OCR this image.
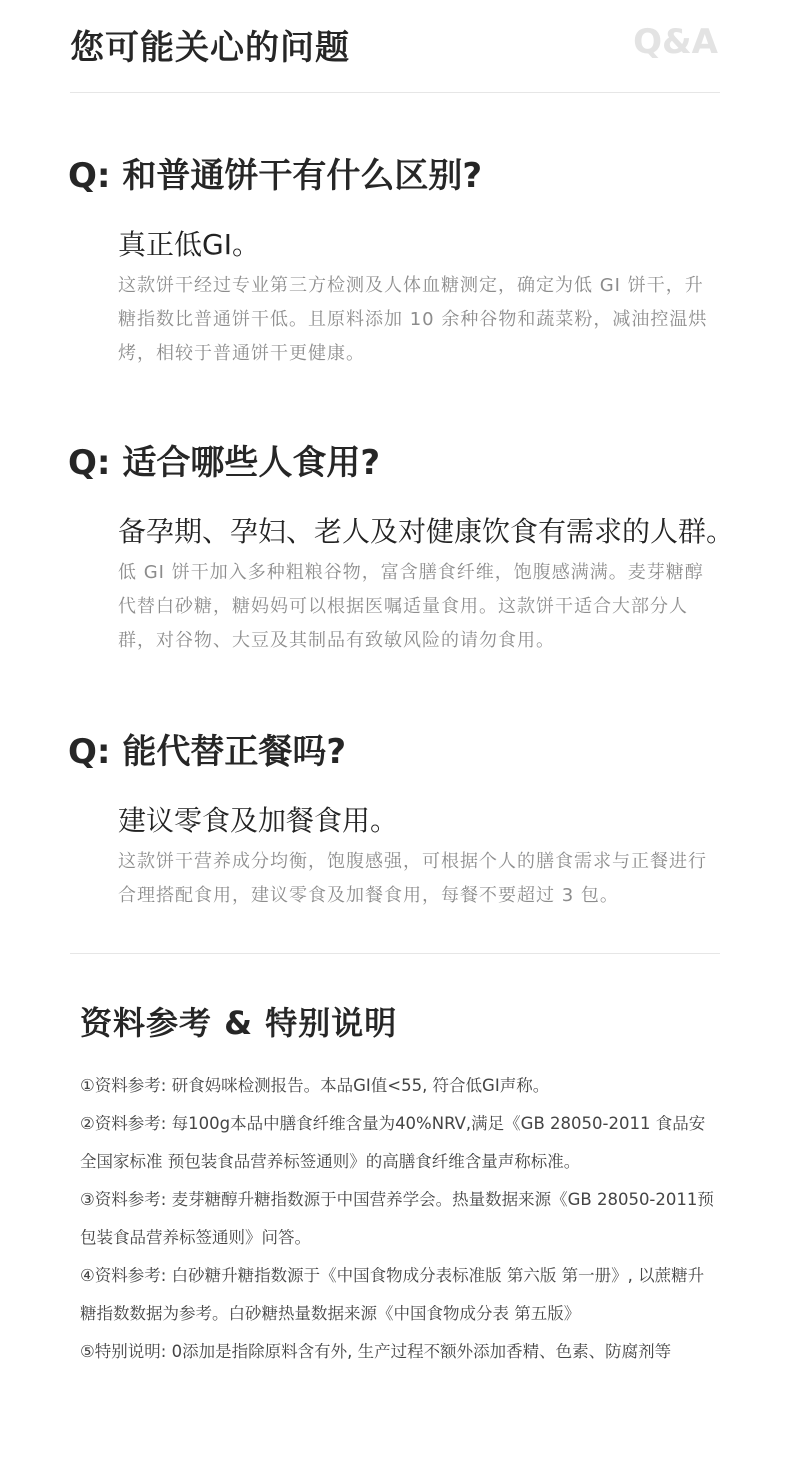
您可能关心的问题	Q&A
Q: 和普通饼干有什么区别?
真正低GI。
这款饼干经过专业第三方检测及人体血糖测定，确定为低 GI 饼干，升糖指数比普通饼干低。且原料添加 10 余种谷物和蔬菜粉，减油控温烘烤，相较于普通饼干更健康。
Q: 适合哪些人食用?
备孕期、孕妇、老人及对健康饮食有需求的人群。
低 GI 饼干加入多种粗粮谷物，富含膳食纤维，饱腹感满满。麦芽糖醇代替白砂糖，糖妈妈可以根据医嘱适量食用。这款饼干适合大部分人群，对谷物、大豆及其制品有致敏风险的请勿食用。
Q: 能代替正餐吗?
建议零食及加餐食用。
这款饼干营养成分均衡，饱腹感强，可根据个人的膳食需求与正餐进行合理搭配食用，建议零食及加餐食用，每餐不要超过 3 包。
资料参考 & 特别说明

①资料参考: 研食妈咪检测报告。本品GI值<55, 符合低GI声称。

②资料参考: 每100g本品中膳食纤维含量为40%NRV,满足《GB 28050-2011 食品安全国家标准 预包装食品营养标签通则》的高膳食纤维含量声称标准。

③资料参考: 麦芽糖醇升糖指数源于中国营养学会。热量数据来源《GB 28050-2011预包装食品营养标签通则》问答。

④资料参考: 白砂糖升糖指数源于《中国食物成分表标准版 第六版 第一册》, 以蔗糖升糖指数数据为参考。白砂糖热量数据来源《中国食物成分表 第五版》

⑤特别说明: 0添加是指除原料含有外, 生产过程不额外添加香精、色素、防腐剂等
